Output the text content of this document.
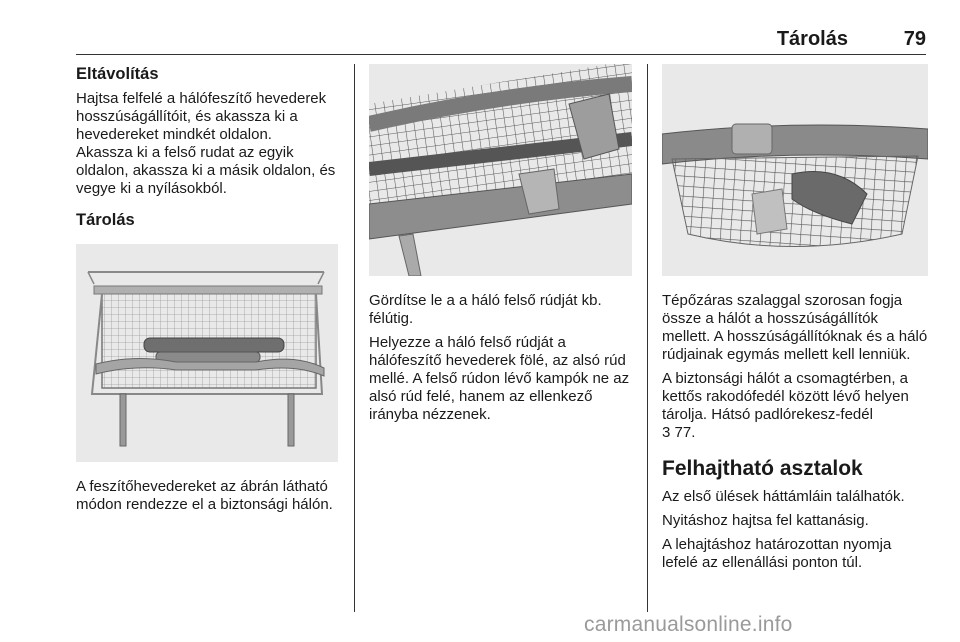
Tárolás	79
Eltávolítás

Hajtsa felfelé a hálófeszítő hevederek hosszúságállítóit, és akassza ki a hevedereket mindkét oldalon.

Akassza ki a felső rudat az egyik oldalon, akassza ki a másik oldalon, és vegye ki a nyílásokból.

Tárolás

A feszítőhevedereket az ábrán látható módon rendezze el a biztonsági hálón.

Gördítse le a a háló felső rúdját kb. félútig.

Helyezze a háló felső rúdját a hálófeszítő hevederek fölé, az alsó rúd mellé. A felső rúdon lévő kampók ne az alsó rúd felé, hanem az ellenkező irányba nézzenek.

Tépőzáras szalaggal szorosan fogja össze a hálót a hosszúságállítók mellett. A hosszúságállítóknak és a háló rúdjainak egymás mellett kell lenniük.

A biztonsági hálót a csomagtérben, a kettős rakodófedél között lévő helyen tárolja. Hátsó padlórekesz-fedél

3 77.

Felhajtható asztalok

Az első ülések háttámláin találhatók.

Nyitáshoz hajtsa fel kattanásig.

A lehajtáshoz határozottan nyomja lefelé az ellenállási ponton túl.

carmanualsonline.info
